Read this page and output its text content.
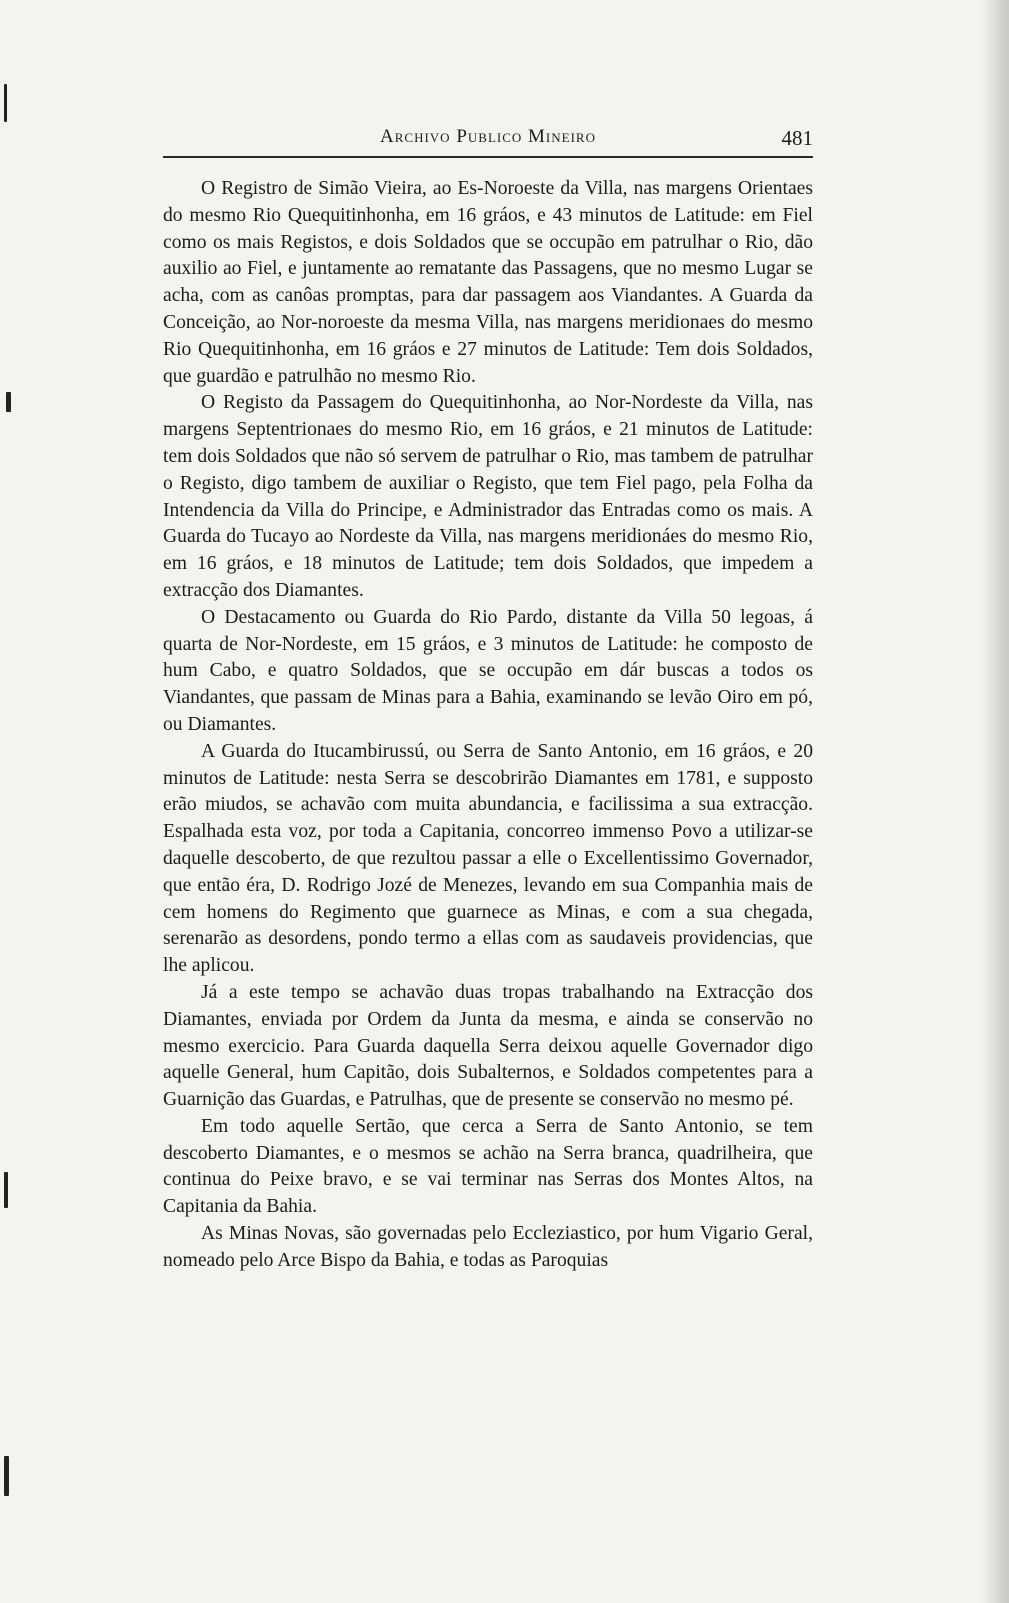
Archivo Publico Mineiro	481

O Registro de Simão Vieira, ao Es-Noroeste da Villa, nas margens Orientaes do mesmo Rio Quequitinhonha, em 16 gráos, e 43 minutos de Latitude: em Fiel como os mais Registos, e dois Soldados que se occupão em patrulhar o Rio, dão auxilio ao Fiel, e juntamente ao rematante das Passagens, que no mesmo Lugar se acha, com as canôas promptas, para dar passagem aos Viandantes. A Guarda da Conceição, ao Nor-noroeste da mesma Villa, nas margens meridionaes do mesmo Rio Quequitinhonha, em 16 gráos e 27 minutos de Latitude: Tem dois Soldados, que guardão e patrulhão no mesmo Rio.

O Registo da Passagem do Quequitinhonha, ao Nor-Nordeste da Villa, nas margens Septentrionaes do mesmo Rio, em 16 gráos, e 21 minutos de Latitude: tem dois Soldados que não só servem de patrulhar o Rio, mas tambem de patrulhar o Registo, digo tambem de auxiliar o Registo, que tem Fiel pago, pela Folha da Intendencia da Villa do Principe, e Administrador das Entradas como os mais. A Guarda do Tucayo ao Nordeste da Villa, nas margens meridionáes do mesmo Rio, em 16 gráos, e 18 minutos de Latitude; tem dois Soldados, que impedem a extracção dos Diamantes.

O Destacamento ou Guarda do Rio Pardo, distante da Villa 50 legoas, á quarta de Nor-Nordeste, em 15 gráos, e 3 minutos de Latitude: he composto de hum Cabo, e quatro Soldados, que se occupão em dár buscas a todos os Viandantes, que passam de Minas para a Bahia, examinando se levão Oiro em pó, ou Diamantes.

A Guarda do Itucambirussú, ou Serra de Santo Antonio, em 16 gráos, e 20 minutos de Latitude: nesta Serra se descobrirão Diamantes em 1781, e supposto erão miudos, se achavão com muita abundancia, e facilissima a sua extracção. Espalhada esta voz, por toda a Capitania, concorreo immenso Povo a utilizar-se daquelle descoberto, de que rezultou passar a elle o Excellentissimo Governador, que então éra, D. Rodrigo Jozé de Menezes, levando em sua Companhia mais de cem homens do Regimento que guarnece as Minas, e com a sua chegada, serenarão as desordens, pondo termo a ellas com as saudaveis providencias, que lhe aplicou.

Já a este tempo se achavão duas tropas trabalhando na Extracção dos Diamantes, enviada por Ordem da Junta da mesma, e ainda se conservão no mesmo exercicio. Para Guarda daquella Serra deixou aquelle Governador digo aquelle General, hum Capitão, dois Subalternos, e Soldados competentes para a Guarnição das Guardas, e Patrulhas, que de presente se conservão no mesmo pé.

Em todo aquelle Sertão, que cerca a Serra de Santo Antonio, se tem descoberto Diamantes, e o mesmos se achão na Serra branca, quadrilheira, que continua do Peixe bravo, e se vai terminar nas Serras dos Montes Altos, na Capitania da Bahia.

As Minas Novas, são governadas pelo Eccleziastico, por hum Vigario Geral, nomeado pelo Arce Bispo da Bahia, e todas as Paroquias
